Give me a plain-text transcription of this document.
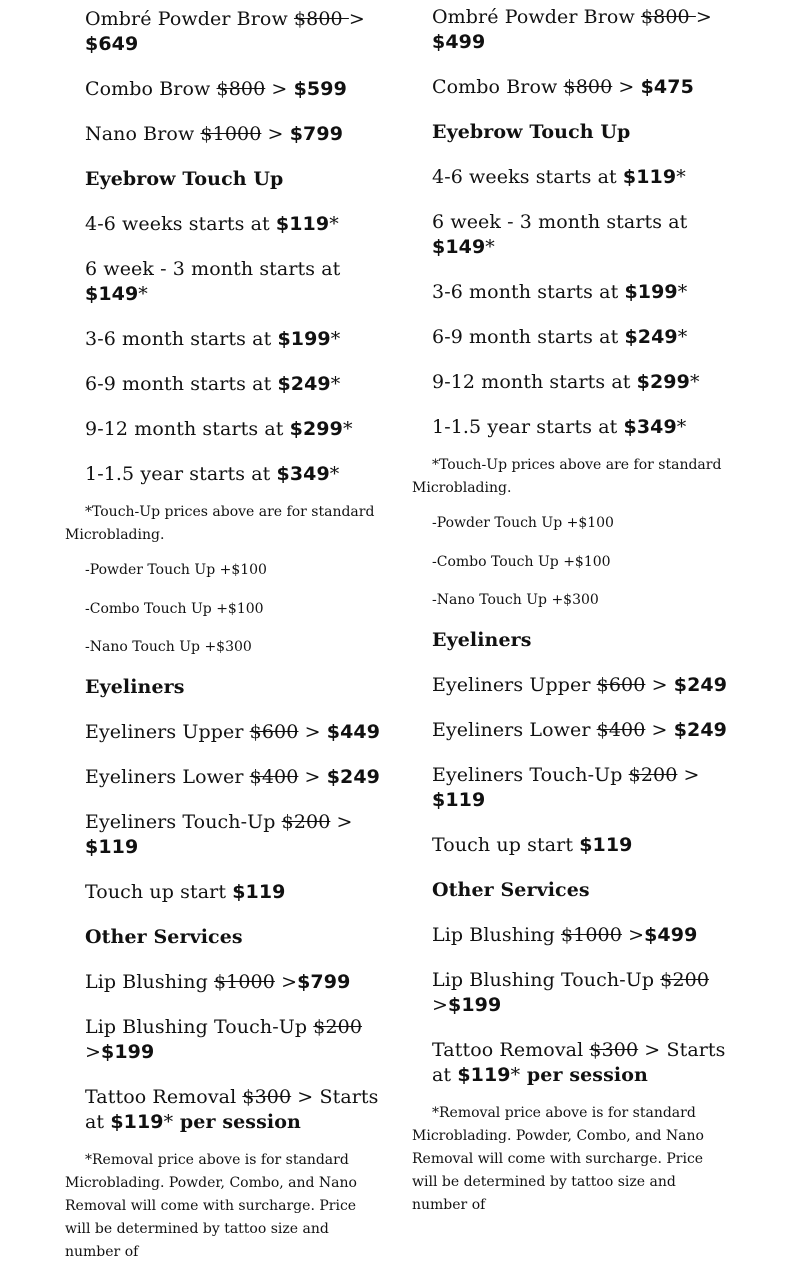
Ombré Powder Brow $800 > $649
Combo Brow $800 > $599
Nano Brow $1000 > $799
Eyebrow Touch Up
4-6 weeks starts at $119*
6 week - 3 month starts at $149*
3-6 month starts at $199*
6-9 month starts at $249*
9-12 month starts at $299*
1-1.5 year starts at $349*
*Touch-Up prices above are for standard Microblading.
-Powder Touch Up +$100
-Combo Touch Up +$100
-Nano Touch Up +$300
Eyeliners
Eyeliners Upper $600 > $449
Eyeliners Lower $400 > $249
Eyeliners Touch-Up $200 > $119
Touch up start $119
Other Services
Lip Blushing $1000 >$799
Lip Blushing Touch-Up $200 >$199
Tattoo Removal $300 > Starts at $119* per session
*Removal price above is for standard Microblading. Powder, Combo, and Nano Removal will come with surcharge. Price will be determined by tattoo size and number of
Ombré Powder Brow $800 > $499
Combo Brow $800 > $475
Eyebrow Touch Up
4-6 weeks starts at $119*
6 week - 3 month starts at $149*
3-6 month starts at $199*
6-9 month starts at $249*
9-12 month starts at $299*
1-1.5 year starts at $349*
*Touch-Up prices above are for standard Microblading.
-Powder Touch Up +$100
-Combo Touch Up +$100
-Nano Touch Up +$300
Eyeliners
Eyeliners Upper $600 > $249
Eyeliners Lower $400 > $249
Eyeliners Touch-Up $200 > $119
Touch up start $119
Other Services
Lip Blushing $1000 >$499
Lip Blushing Touch-Up $200 >$199
Tattoo Removal $300 > Starts at $119* per session
*Removal price above is for standard Microblading. Powder, Combo, and Nano Removal will come with surcharge. Price will be determined by tattoo size and number of
